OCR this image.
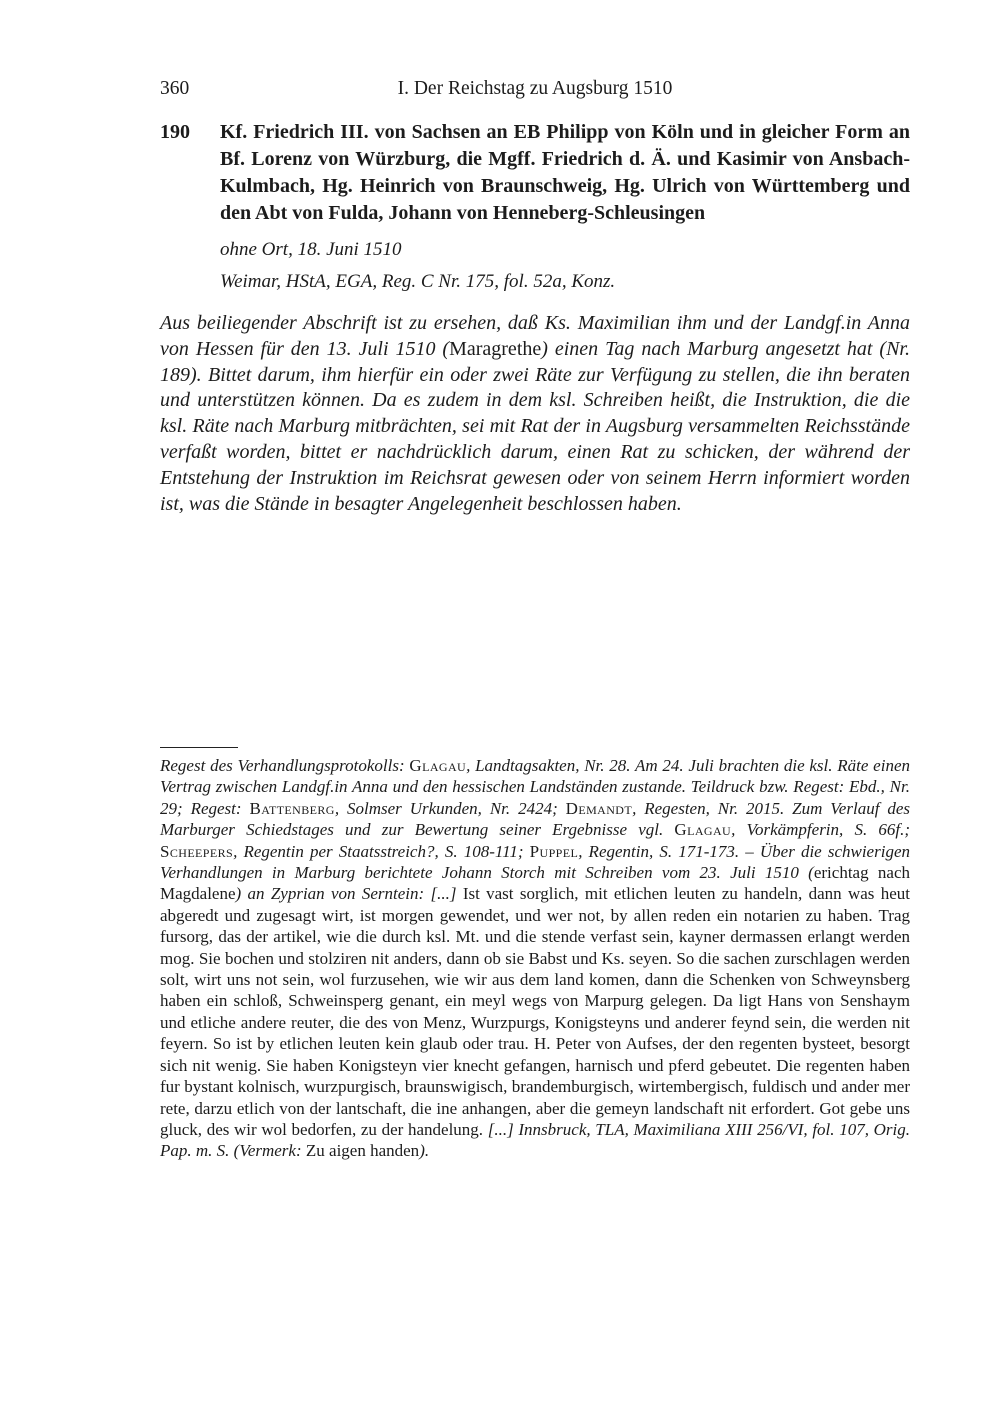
360	I. Der Reichstag zu Augsburg 1510
190 Kf. Friedrich III. von Sachsen an EB Philipp von Köln und in gleicher Form an Bf. Lorenz von Würzburg, die Mgff. Friedrich d. Ä. und Kasimir von Ansbach-Kulmbach, Hg. Heinrich von Braunschweig, Hg. Ulrich von Württemberg und den Abt von Fulda, Johann von Henneberg-Schleusingen
ohne Ort, 18. Juni 1510
Weimar, HStA, EGA, Reg. C Nr. 175, fol. 52a, Konz.
Aus beiliegender Abschrift ist zu ersehen, daß Ks. Maximilian ihm und der Landgf.in Anna von Hessen für den 13. Juli 1510 (Maragrethe) einen Tag nach Marburg angesetzt hat (Nr. 189). Bittet darum, ihm hierfür ein oder zwei Räte zur Verfügung zu stellen, die ihn beraten und unterstützen können. Da es zudem in dem ksl. Schreiben heißt, die Instruktion, die die ksl. Räte nach Marburg mitbrächten, sei mit Rat der in Augsburg versammelten Reichsstände verfaßt worden, bittet er nachdrücklich darum, einen Rat zu schicken, der während der Entstehung der Instruktion im Reichsrat gewesen oder von seinem Herrn informiert worden ist, was die Stände in besagter Angelegenheit beschlossen haben.
Regest des Verhandlungsprotokolls: Glagau, Landtagsakten, Nr. 28. Am 24. Juli brachten die ksl. Räte einen Vertrag zwischen Landgf.in Anna und den hessischen Landständen zustande. Teildruck bzw. Regest: Ebd., Nr. 29; Regest: Battenberg, Solmser Urkunden, Nr. 2424; Demandt, Regesten, Nr. 2015. Zum Verlauf des Marburger Schiedstages und zur Bewertung seiner Ergebnisse vgl. Glagau, Vorkämpferin, S. 66f.; Scheepers, Regentin per Staatsstreich?, S. 108-111; Puppel, Regentin, S. 171-173. – Über die schwierigen Verhandlungen in Marburg berichtete Johann Storch mit Schreiben vom 23. Juli 1510 (erichtag nach Magdalene) an Zyprian von Serntein: [...] Ist vast sorglich, mit etlichen leuten zu handeln, dann was heut abgeredt und zugesagt wirt, ist morgen gewendet, und wer not, by allen reden ein notarien zu haben. Trag fursorg, das der artikel, wie die durch ksl. Mt. und die stende verfast sein, kayner dermassen erlangt werden mog. Sie bochen und stolziren nit anders, dann ob sie Babst und Ks. seyen. So die sachen zurschlagen werden solt, wirt uns not sein, wol furzusehen, wie wir aus dem land komen, dann die Schenken von Schweynsberg haben ein schloß, Schweinsperg genant, ein meyl wegs von Marpurg gelegen. Da ligt Hans von Senshaym und etliche andere reuter, die des von Menz, Wurzpurgs, Konigsteyns und anderer feynd sein, die werden nit feyern. So ist by etlichen leuten kein glaub oder trau. H. Peter von Aufses, der den regenten bysteet, besorgt sich nit wenig. Sie haben Konigsteyn vier knecht gefangen, harnisch und pferd gebeutet. Die regenten haben fur bystant kolnisch, wurzpurgisch, braunswigisch, brandemburgisch, wirtembergisch, fuldisch und ander mer rete, darzu etlich von der lantschaft, die ine anhangen, aber die gemeyn landschaft nit erfordert. Got gebe uns gluck, des wir wol bedorfen, zu der handelung. [...] Innsbruck, TLA, Maximiliana XIII 256/VI, fol. 107, Orig. Pap. m. S. (Vermerk: Zu aigen handen).
